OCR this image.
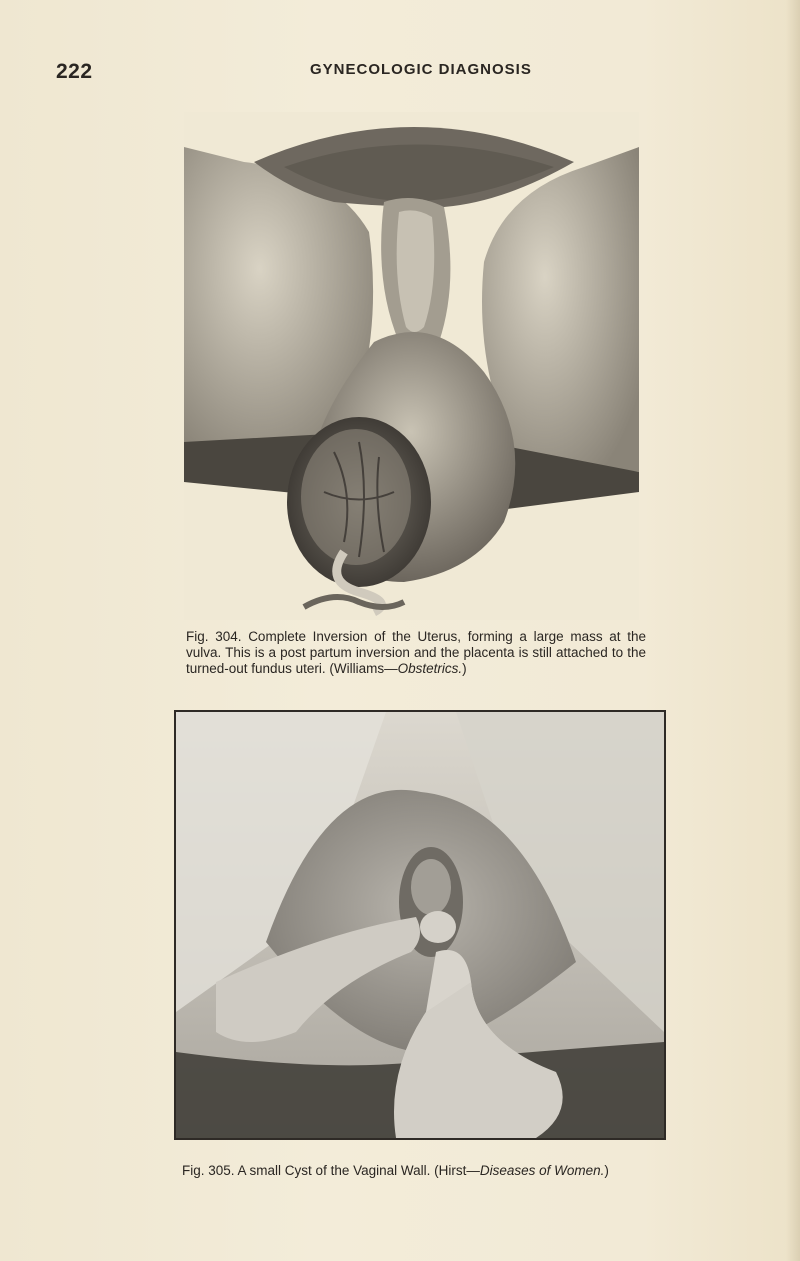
222	GYNECOLOGIC DIAGNOSIS
Fig. 304. Complete Inversion of the Uterus, forming a large mass at the vulva. This is a post partum inversion and the placenta is still attached to the turned-out fundus uteri. (Williams—Obstetrics.)
Fig. 305. A small Cyst of the Vaginal Wall. (Hirst—Diseases of Women.)
